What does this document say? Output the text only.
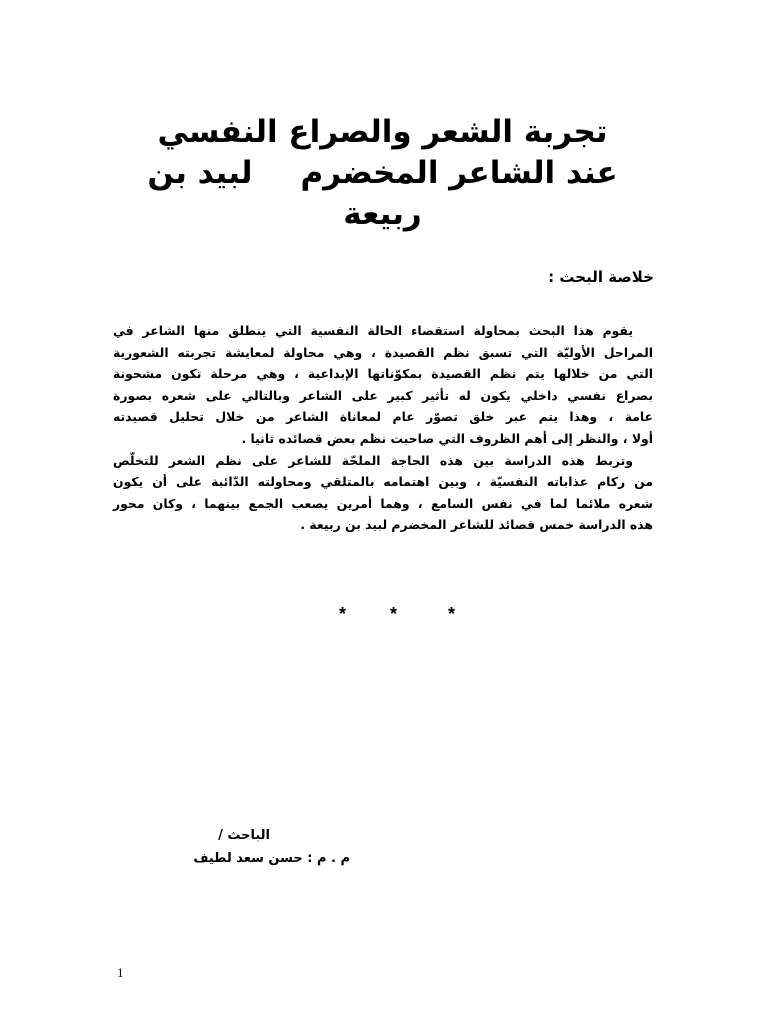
تجربة الشعر والصراع النفسي
عند الشاعر المخضرملبيد بن
ربيعة
خلاصة البحث :
يقوم هذا البحث بمحاولة استقصاء الحالة النفسية التي ينطلق منها الشاعر في
المراحل الأوليّة التي تسبق نظم القصيدة ، وهي محاولة لمعايشة تجربته الشعورية
التي من خلالها يتم نظم القصيدة بمكوّناتها الإبداعية ، وهي مرحلة تكون مشحونة
بصراع نفسي داخلي يكون له تأثير كبير على الشاعر وبالتالي على شعره بصورة
عامة ، وهذا يتم عبر خلق تصوّر عام لمعاناة الشاعر من خلال تحليل قصيدته
أولا ، والنظر إلى أهم الظروف التي صاحبت نظم بعض قصائده ثانيا .
وتربط هذه الدراسة بين هذه الحاجة الملحّة للشاعر على نظم الشعر للتخلّص
من ركام عذاباته النفسيّة ، وبين اهتمامه بالمتلقي ومحاولته الدّائبة على أن يكون
شعره ملائما لما في نفس السامع ، وهما أمرين يصعب الجمع بينهما ، وكان محور
هذه الدراسة خمس قصائد للشاعر المخضرم لبيد بن ربيعة .
* *	*

الباحث /

م . م : حسن سعد لطيف

1
